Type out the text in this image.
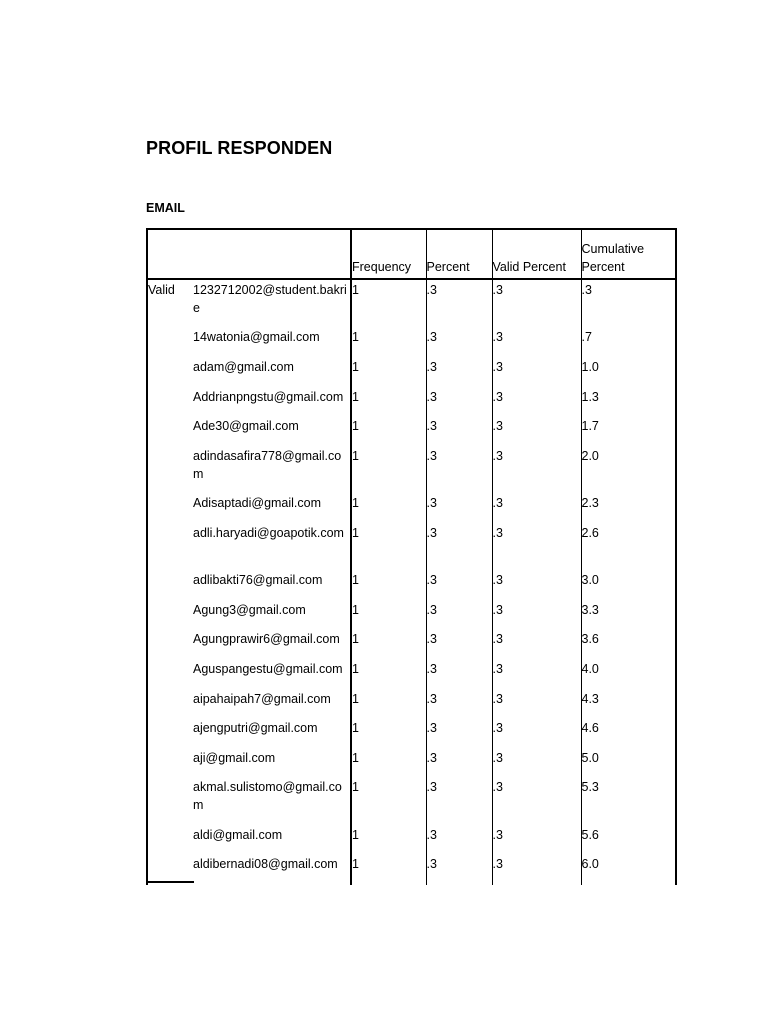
PROFIL RESPONDEN
EMAIL
		Frequency	Percent	Valid Percent	Cumulative Percent
Valid	1232712002@student.bakrie	1	.3	.3	.3
	14watonia@gmail.com	1	.3	.3	.7
	adam@gmail.com	1	.3	.3	1.0
	Addrianpngstu@gmail.com	1	.3	.3	1.3
	Ade30@gmail.com	1	.3	.3	1.7
	adindasafira778@gmail.com	1	.3	.3	2.0
	Adisaptadi@gmail.com	1	.3	.3	2.3
	adli.haryadi@goapotik.com	1	.3	.3	2.6
	adlibakti76@gmail.com	1	.3	.3	3.0
	Agung3@gmail.com	1	.3	.3	3.3
	Agungprawir6@gmail.com	1	.3	.3	3.6
	Aguspangestu@gmail.com	1	.3	.3	4.0
	aipahaipah7@gmail.com	1	.3	.3	4.3
	ajengputri@gmail.com	1	.3	.3	4.6
	aji@gmail.com	1	.3	.3	5.0
	akmal.sulistomo@gmail.com	1	.3	.3	5.3
	aldi@gmail.com	1	.3	.3	5.6
	aldibernadi08@gmail.com	1	.3	.3	6.0
